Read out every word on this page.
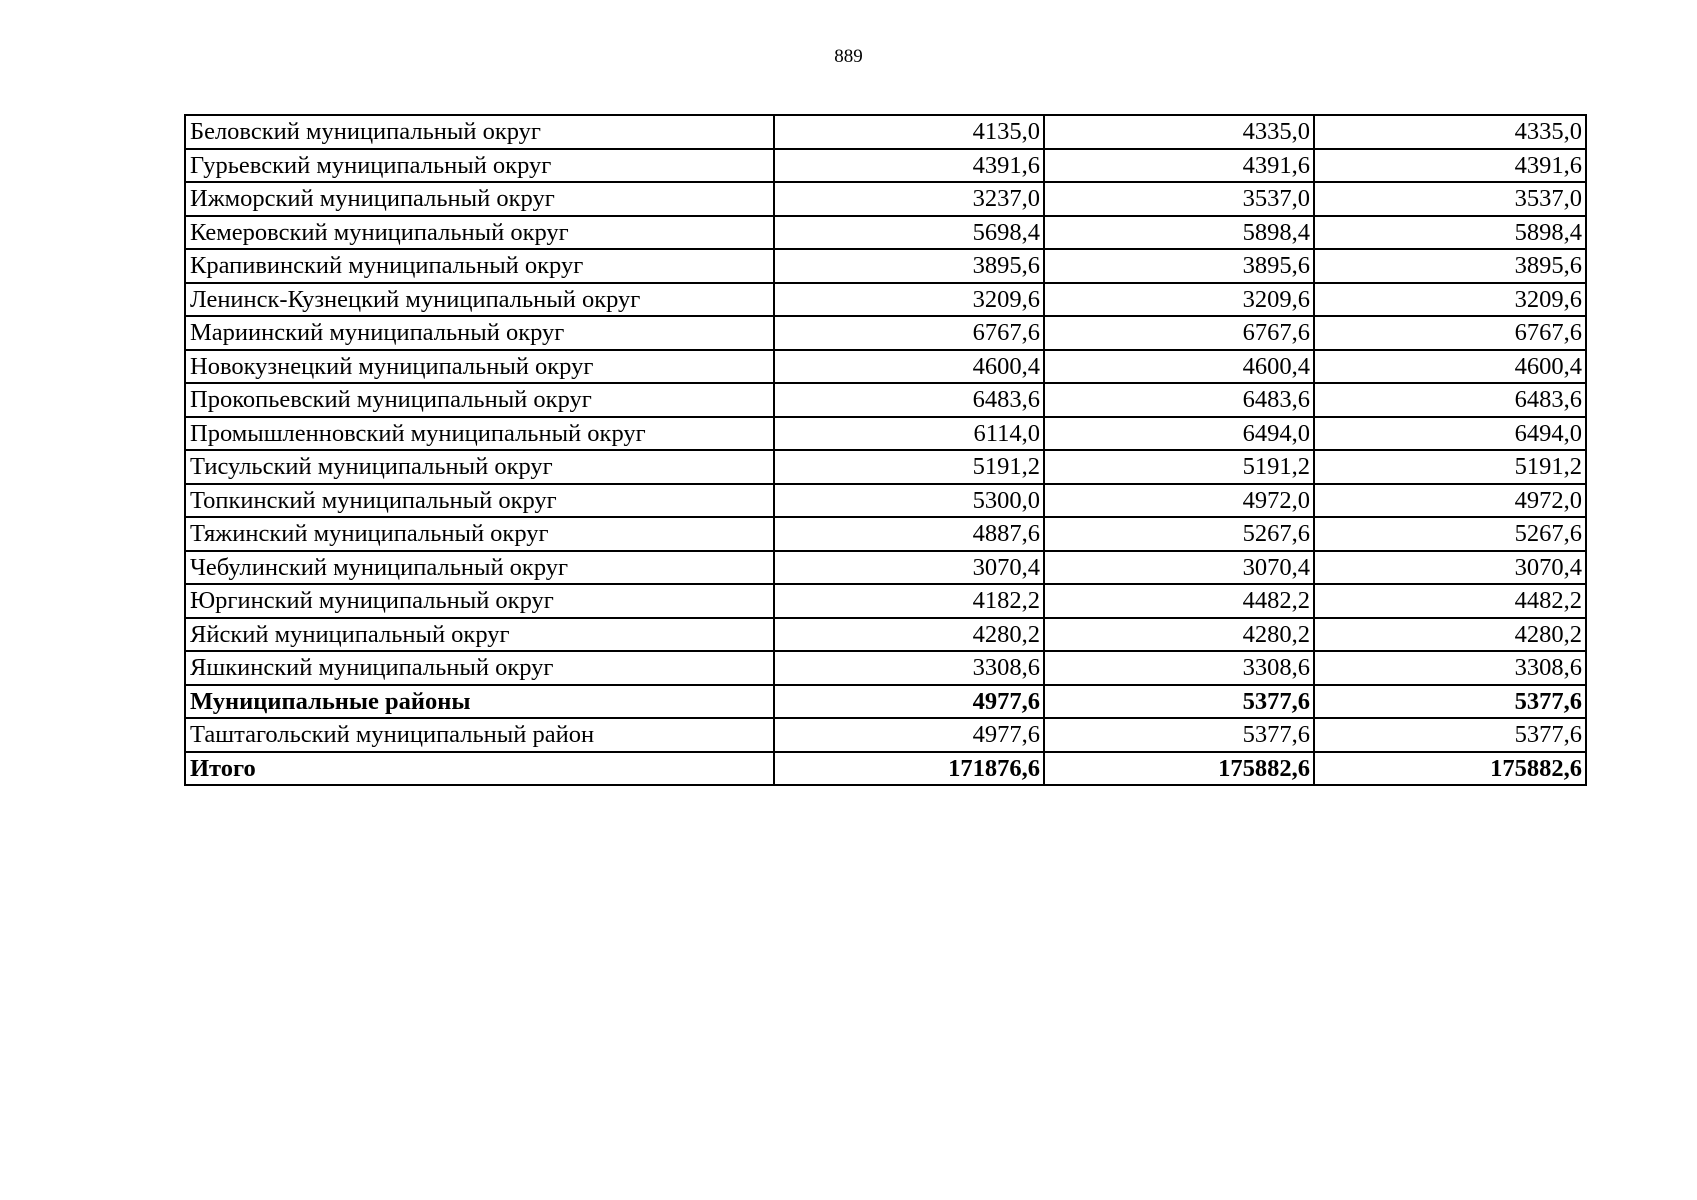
889
Беловский муниципальный округ	4135,0	4335,0	4335,0
Гурьевский муниципальный округ	4391,6	4391,6	4391,6
Ижморский муниципальный округ	3237,0	3537,0	3537,0
Кемеровский муниципальный округ	5698,4	5898,4	5898,4
Крапивинский муниципальный округ	3895,6	3895,6	3895,6
Ленинск-Кузнецкий муниципальный округ	3209,6	3209,6	3209,6
Мариинский муниципальный округ	6767,6	6767,6	6767,6
Новокузнецкий муниципальный округ	4600,4	4600,4	4600,4
Прокопьевский муниципальный округ	6483,6	6483,6	6483,6
Промышленновский муниципальный округ	6114,0	6494,0	6494,0
Тисульский муниципальный округ	5191,2	5191,2	5191,2
Топкинский муниципальный округ	5300,0	4972,0	4972,0
Тяжинский муниципальный округ	4887,6	5267,6	5267,6
Чебулинский муниципальный округ	3070,4	3070,4	3070,4
Юргинский муниципальный округ	4182,2	4482,2	4482,2
Яйский муниципальный округ	4280,2	4280,2	4280,2
Яшкинский муниципальный округ	3308,6	3308,6	3308,6
Муниципальные районы	4977,6	5377,6	5377,6
Таштагольский муниципальный район	4977,6	5377,6	5377,6
Итого	171876,6	175882,6	175882,6
